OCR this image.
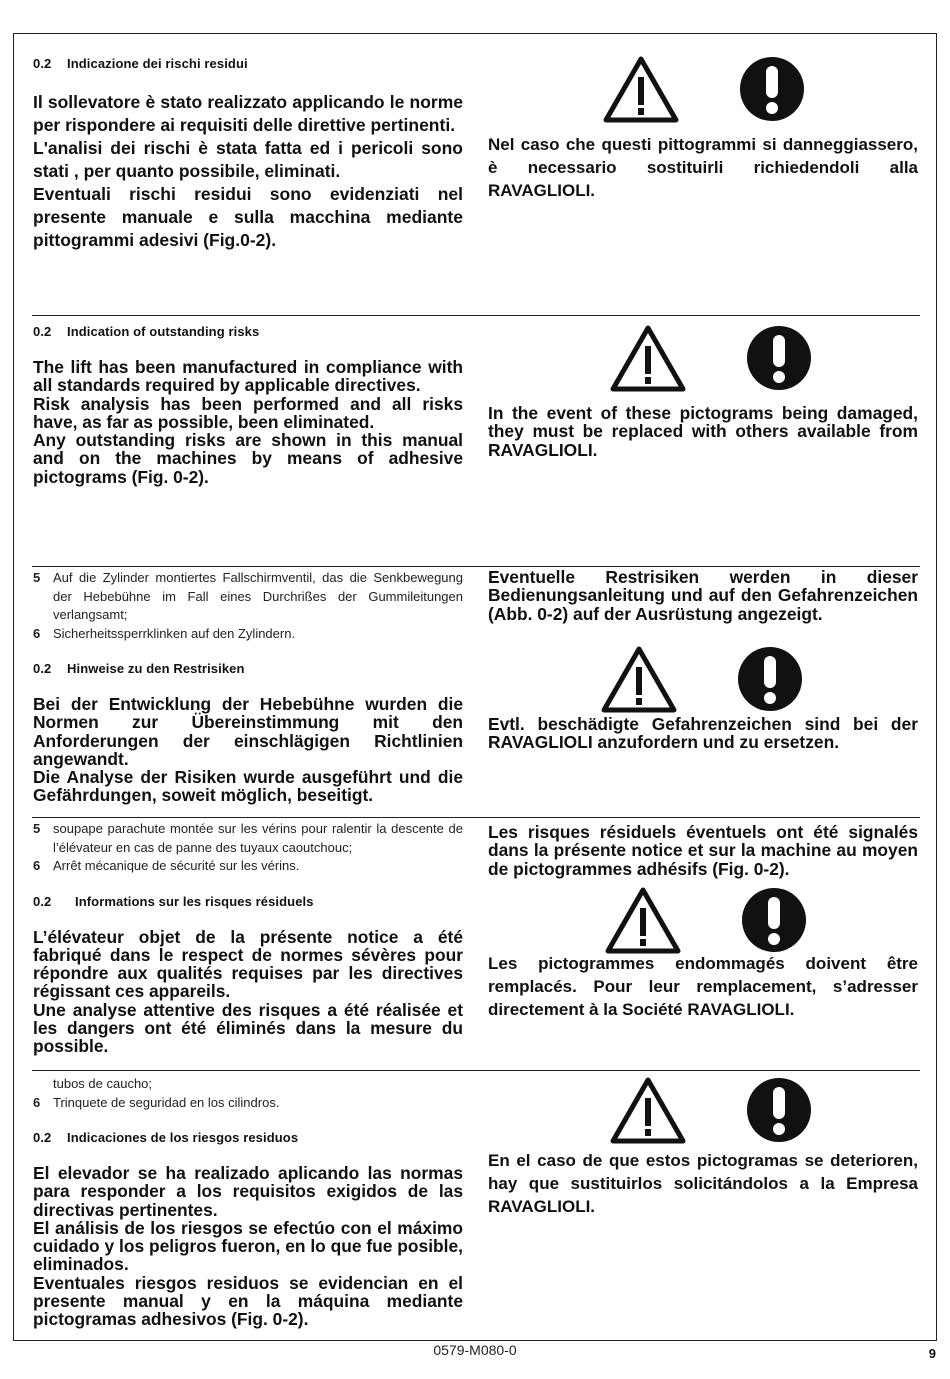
0.2 Indicazione dei rischi residui
Il sollevatore è stato realizzato applicando le norme per rispondere ai requisiti delle direttive pertinenti.
L'analisi dei rischi è stata fatta ed i pericoli sono stati , per quanto possibile, eliminati.
Eventuali rischi residui sono evidenziati nel presente manuale e sulla macchina mediante pittogrammi adesivi (Fig.0-2).
Nel caso che questi pittogrammi si danneggiassero, è necessario sostituirli richiedendoli alla RAVAGLIOLI.
0.2 Indication of outstanding risks
The lift has been manufactured in compliance with all standards required by applicable directives.
Risk analysis has been performed and all risks have, as far as possible, been eliminated.
Any outstanding risks are shown in this manual and on the machines by means of adhesive pictograms (Fig. 0-2).
In the event of these pictograms being damaged, they must be replaced with others available from RAVAGLIOLI.
5 Auf die Zylinder montiertes Fallschirmventil, das die Senkbewegung der Hebebühne im Fall eines Durchrißes der Gummileitungen verlangsamt;
6 Sicherheitssperrklinken auf den Zylindern.
0.2 Hinweise zu den Restrisiken
Bei der Entwicklung der Hebebühne wurden die Normen zur Übereinstimmung mit den Anforderungen der einschlägigen Richtlinien angewandt.
Die Analyse der Risiken wurde ausgeführt und die Gefährdungen, soweit möglich, beseitigt.
Eventuelle Restrisiken werden in dieser Bedienungsanleitung und auf den Gefahrenzeichen (Abb. 0-2) auf der Ausrüstung angezeigt.
Evtl. beschädigte Gefahrenzeichen sind bei der RAVAGLIOLI anzufordern und zu ersetzen.
5 soupape parachute montée sur les vérins pour ralentir la descente de l’élévateur en cas de panne des tuyaux caoutchouc;
6 Arrêt mécanique de sécurité sur les vérins.
0.2 Informations sur les risques résiduels
L’élévateur objet de la présente notice a été fabriqué dans le respect de normes sévères pour répondre aux qualités requises par les directives régissant ces appareils.
Une analyse attentive des risques a été réalisée et les dangers ont été éliminés dans la mesure du possible.
Les risques résiduels éventuels ont été signalés dans la présente notice et sur la machine au moyen de pictogrammes adhésifs (Fig. 0-2).
Les pictogrammes endommagés doivent être remplacés. Pour leur remplacement, s’adresser directement à la Société RAVAGLIOLI.
tubos de caucho;
6 Trinquete de seguridad en los cilindros.
0.2 Indicaciones de los riesgos residuos
El elevador se ha realizado aplicando las normas para responder a los requisitos exigidos de las directivas pertinentes.
El análisis de los riesgos se efectúo con el máximo cuidado y los peligros fueron, en lo que fue posible, eliminados.
Eventuales riesgos residuos se evidencian en el presente manual y en la máquina mediante pictogramas adhesivos (Fig. 0-2).
En el caso de que estos pictogramas se deterioren, hay que sustituirlos solicitándolos a la Empresa RAVAGLIOLI.
0579-M080-0	9
